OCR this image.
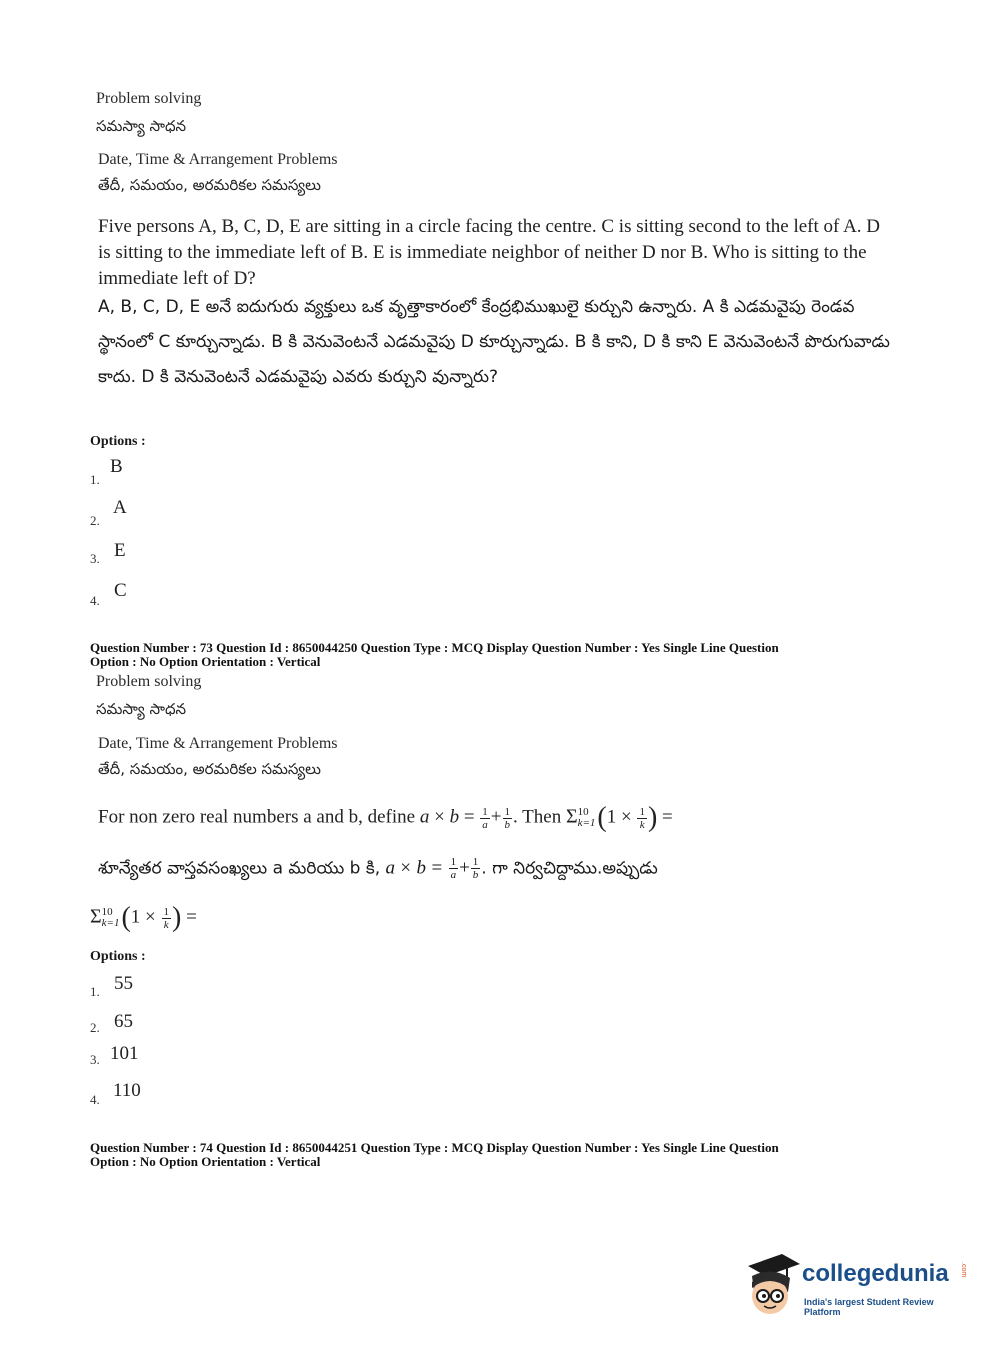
Problem solving
సమస్యా సాధన
Date, Time & Arrangement Problems
తేదీ, సమయం, అరమరికల సమస్యలు
Five persons A, B, C, D, E are sitting in a circle facing the centre. C is sitting second to the left of A. D is sitting to the immediate left of B. E is immediate neighbor of neither D nor B. Who is sitting to the immediate left of D?
A, B, C, D, E అనే ఐదుగురు వ్యక్తులు ఒక వృత్తాకారంలో కేంద్రభిముఖులై కుర్చుని ఉన్నారు. A కి ఎడమవైపు రెండవ స్థానంలో C కూర్చున్నాడు. B కి వెనువెంటనే ఎడమవైపు D కూర్చున్నాడు. B కి కాని, D కి కాని E వెనువెంటనే పొరుగువాడు కాదు. D కి వెనువెంటనే ఎడమవైపు ఎవరు కుర్చుని వున్నారు?
Options :
1.
B
2.
A
3. E
4. C
Question Number : 73 Question Id : 8650044250 Question Type : MCQ Display Question Number : Yes Single Line Question
Option : No Option Orientation : Vertical
Problem solving
సమస్యా సాధన
Date, Time & Arrangement Problems
తేదీ, సమయం, అరమరికల సమస్యలు
For non zero real numbers a and b, define $a \times b = \frac{1}{a} + \frac{1}{b}$ . Then Σ 10
k=1 ($1 \times \frac{1}{k}$ ) =
శూన్యేతర వాస్తవసంఖ్యలు a మరియు b కి, $a \times b = \frac{1}{a} + \frac{1}{b}$ . గా నిర్వచిద్దాము.అప్పుడు
Σ 10
k=1 ($1 \times \frac{1}{k}$ ) =
Options :
1. 55
2. 65
3. 101
4. 110
Question Number : 74 Question Id : 8650044251 Question Type : MCQ Display Question Number : Yes Single Line Question
Option : No Option Orientation : Vertical
collegedunia .com
India's largest Student Review Platform
